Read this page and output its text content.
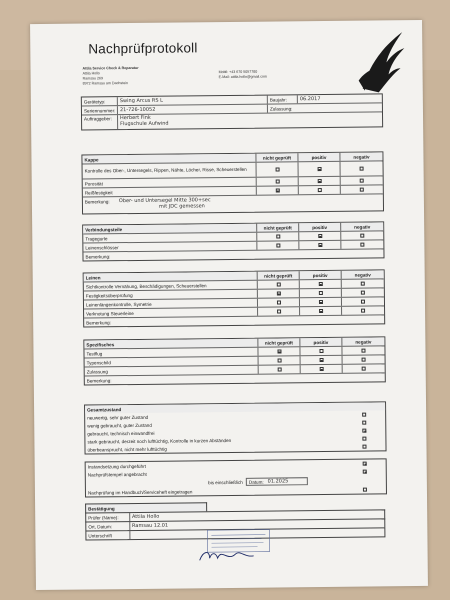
Nachprüfprotokoll
Attila Service Check & Reparatur
Attila Hollo
Ramsau 269
8972 Ramsau am Dachstein
Mobil: +43 670 5057780
E-Mail: attila.hollo@gmail.com
Gerätetyp:	Swing Arcus RS L	Baujahr:	06.2017
Seriennummer: 21-726-10052	Zulassung:
Auftraggeber:	Herbert Fink
Flugschule Aufwind
Kappe	nicht geprüft	positiv	negativ
Kontrolle des Ober-, Untersegels, Rippen, Nähte, Löcher, Risse, Scheuerstellen
Porosität
Reißfestigkeit
Bemerkung:	Ober- und Untersegel Mitte 300+sec
mit JDC gemessen
Verbindungsteile	nicht geprüft	positiv	negativ
Tragegurte
Leinenschlösser
Bemerkung:
Leinen	nicht geprüft	positiv	negativ
Sichtkontrolle Vernähung, Beschädigungen, Scheuerstellen
Festigkeitsüberprüfung
Leinenlängenkontrolle, Symetrie
Verknotung Steuerleine
Bemerkung:
Spezifisches	nicht geprüft	positiv	negativ
Testflug
Typenschild
Zulassung
Bemerkung:
Gesamtzustand
neuwertig, sehr guter Zustand
wenig gebraucht, guter Zustand
gebraucht, technisch einwandfrei
stark gebraucht, derzeit noch lufttüchtig, Kontrolle in kurzen Abständen
überbeansprucht, nicht mehr lufttüchtig
Instandsetzung durchgeführt
Nachprüfstempel angebracht
bis einschließlich	Datum: 01.2025
Nachprüfung im Handbuch/Serviceheft eingetragen
Bestätigung
Prüfer (Name):	Attila Hollo
Ort, Datum:	Ramsau 12.01
Unterschrift
